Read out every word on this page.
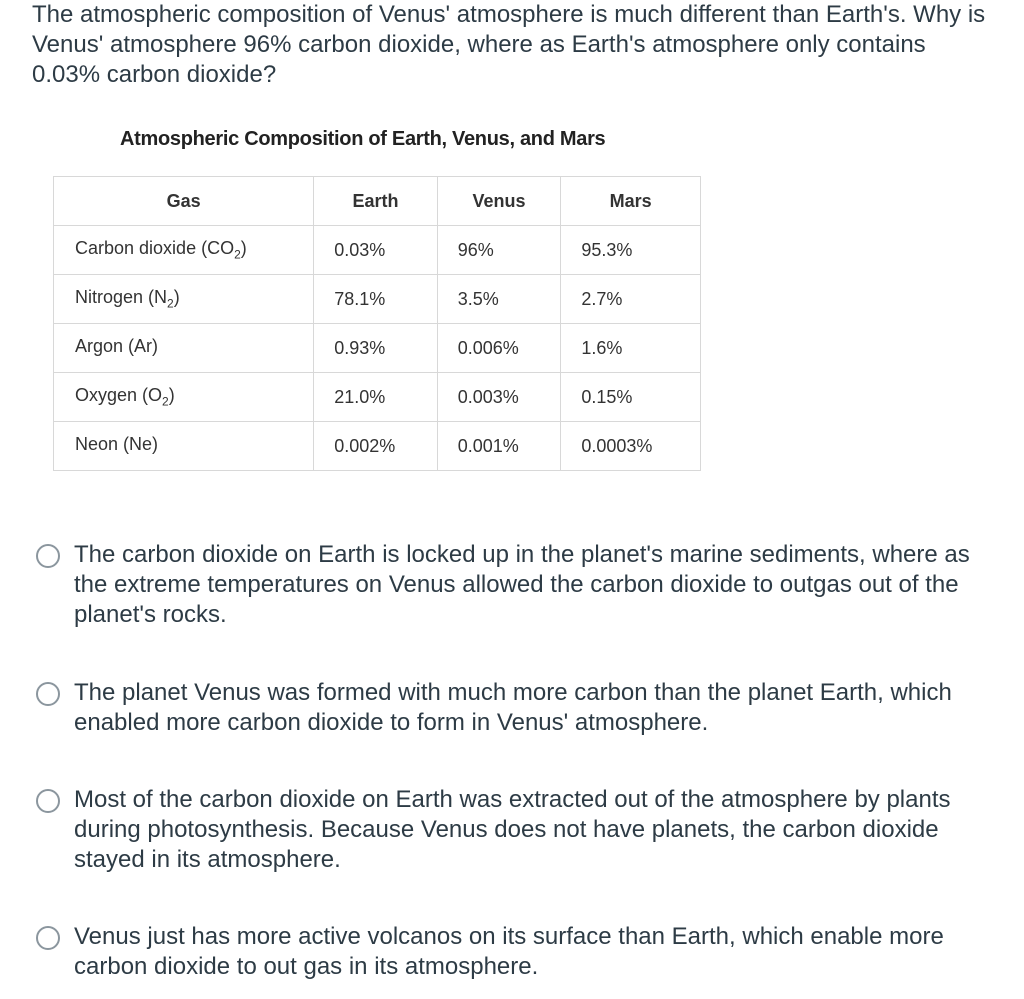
The atmospheric composition of Venus' atmosphere is much different than Earth's. Why is Venus' atmosphere 96% carbon dioxide, where as Earth's atmosphere only contains 0.03% carbon dioxide?

Atmospheric Composition of Earth, Venus, and Mars
Gas	Earth	Venus	Mars
Carbon dioxide $(CO_2)$	0.03%	96%	95.3%
Nitrogen $(N_2)$	78.1%	3.5%	2.7%
Argon (Ar)	0.93%	0.006%	1.6%
Oxygen $(O_2)$	21.0%	0.003%	0.15%
Neon (Ne)	0.002%	0.001%	0.0003%
The carbon dioxide on Earth is locked up in the planet's marine sediments, where as the extreme temperatures on Venus allowed the carbon dioxide to outgas out of the planet's rocks.
The planet Venus was formed with much more carbon than the planet Earth, which enabled more carbon dioxide to form in Venus' atmosphere.
Most of the carbon dioxide on Earth was extracted out of the atmosphere by plants during photosynthesis. Because Venus does not have planets, the carbon dioxide stayed in its atmosphere.
Venus just has more active volcanos on its surface than Earth, which enable more carbon dioxide to out gas in its atmosphere.
